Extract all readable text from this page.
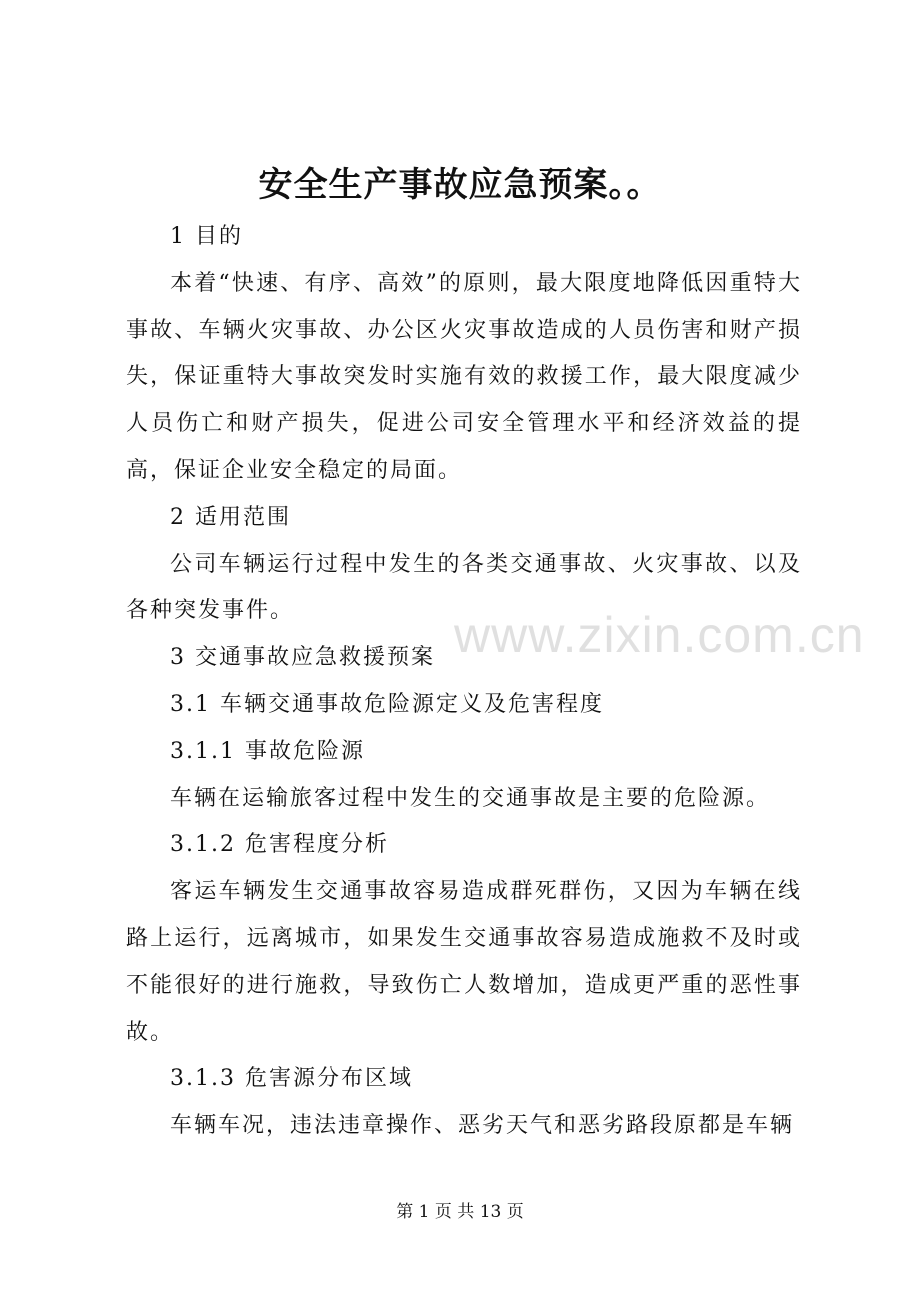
安全生产事故应急预案。。

1 目的

本着“快速、有序、高效”的原则，最大限度地降低因重特大事故、车辆火灾事故、办公区火灾事故造成的人员伤害和财产损失，保证重特大事故突发时实施有效的救援工作，最大限度减少人员伤亡和财产损失，促进公司安全管理水平和经济效益的提高，保证企业安全稳定的局面。

2 适用范围

公司车辆运行过程中发生的各类交通事故、火灾事故、以及各种突发事件。

3 交通事故应急救援预案

3.1 车辆交通事故危险源定义及危害程度

3.1.1 事故危险源

车辆在运输旅客过程中发生的交通事故是主要的危险源。

3.1.2 危害程度分析

客运车辆发生交通事故容易造成群死群伤，又因为车辆在线路上运行，远离城市，如果发生交通事故容易造成施救不及时或不能很好的进行施救，导致伤亡人数增加，造成更严重的恶性事故。

3.1.3 危害源分布区域

车辆车况，违法违章操作、恶劣天气和恶劣路段原都是车辆

www.zixin.com.cn
第 1 页 共 13 页
